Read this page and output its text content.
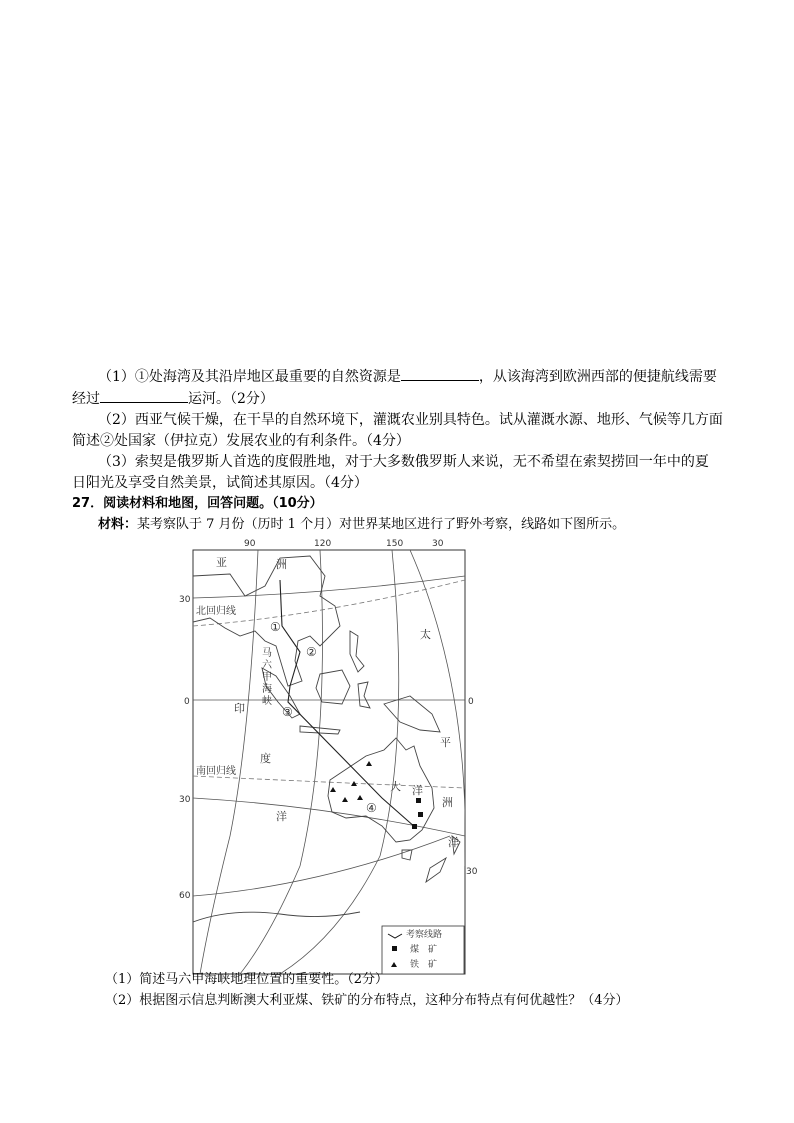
（1）①处海湾及其沿岸地区最重要的自然资源是	，从该海湾到欧洲西部的便捷航线需要
经过	运河。（2分）
（2）西亚气候干燥，在干旱的自然环境下，灌溉农业别具特色。试从灌溉水源、地形、气候等几方面
简述②处国家（伊拉克）发展农业的有利条件。（4分）
（3）索契是俄罗斯人首选的度假胜地，对于大多数俄罗斯人来说，无不希望在索契捞回一年中的夏
日阳光及享受自然美景，试简述其原因。（4分）
27．阅读材料和地图，回答问题。（10分）
材料：某考察队于 7 月份（历时 1 个月）对世界某地区进行了野外考察，线路如下图所示。
90	120	150	30
30
0
30
60
0
30
亚	洲
北回归线
南回归线
马
六
甲
海
峡
印
度
洋
太
平
洋
大 洋
洲
①
②
③
④
考察线路
煤　矿
铁　矿
（1）简述马六甲海峡地理位置的重要性。（2分）
（2）根据图示信息判断澳大利亚煤、铁矿的分布特点，这种分布特点有何优越性？（4分）
